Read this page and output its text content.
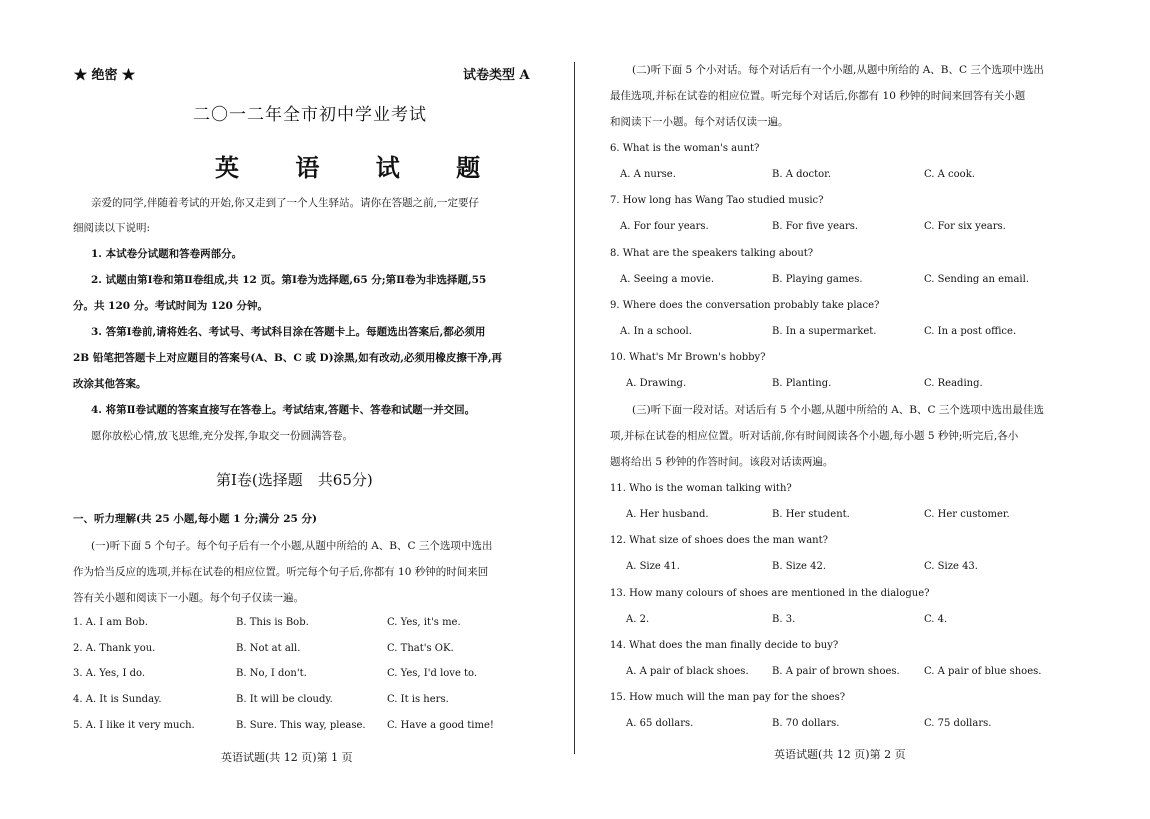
★ 绝密 ★	试卷类型 A
二〇一二年全市初中学业考试
英 语 试 题
亲爱的同学,伴随着考试的开始,你又走到了一个人生驿站。请你在答题之前,一定要仔
细阅读以下说明:
1. 本试卷分试题和答卷两部分。
2. 试题由第Ⅰ卷和第Ⅱ卷组成,共 12 页。第Ⅰ卷为选择题,65 分;第Ⅱ卷为非选择题,55
分。共 120 分。考试时间为 120 分钟。
3. 答第Ⅰ卷前,请将姓名、考试号、考试科目涂在答题卡上。每题选出答案后,都必须用
2B 铅笔把答题卡上对应题目的答案号(A、B、C 或 D)涂黑,如有改动,必须用橡皮擦干净,再
改涂其他答案。
4. 将第Ⅱ卷试题的答案直接写在答卷上。考试结束,答题卡、答卷和试题一并交回。
愿你放松心情,放飞思维,充分发挥,争取交一份圆满答卷。
第Ⅰ卷(选择题　共65分)
一、听力理解(共 25 小题,每小题 1 分;满分 25 分)
(一)听下面 5 个句子。每个句子后有一个小题,从题中所给的 A、B、C 三个选项中选出
作为恰当反应的选项,并标在试卷的相应位置。听完每个句子后,你都有 10 秒钟的时间来回
答有关小题和阅读下一小题。每个句子仅读一遍。
1. A. I am Bob.	B. This is Bob.	C. Yes, it's me.
2. A. Thank you.	B. Not at all.	C. That's OK.
3. A. Yes, I do.	B. No, I don't.	C. Yes, I'd love to.
4. A. It is Sunday.	B. It will be cloudy.	C. It is hers.
5. A. I like it very much.	B. Sure. This way, please. C. Have a good time!
英语试题(共 12 页)第 1 页
(二)听下面 5 个小对话。每个对话后有一个小题,从题中所给的 A、B、C 三个选项中选出
最佳选项,并标在试卷的相应位置。听完每个对话后,你都有 10 秒钟的时间来回答有关小题
和阅读下一小题。每个对话仅读一遍。
6. What is the woman's aunt?
A. A nurse.	B. A doctor.	C. A cook.
7. How long has Wang Tao studied music?
A. For four years.	B. For five years.	C. For six years.
8. What are the speakers talking about?
A. Seeing a movie.	B. Playing games.	C. Sending an email.
9. Where does the conversation probably take place?
A. In a school.	B. In a supermarket.	C. In a post office.
10. What's Mr Brown's hobby?
A. Drawing.	B. Planting.	C. Reading.
(三)听下面一段对话。对话后有 5 个小题,从题中所给的 A、B、C 三个选项中选出最佳选
项,并标在试卷的相应位置。听对话前,你有时间阅读各个小题,每小题 5 秒钟;听完后,各小
题将给出 5 秒钟的作答时间。该段对话读两遍。
11. Who is the woman talking with?
A. Her husband.	B. Her student.	C. Her customer.
12. What size of shoes does the man want?
A. Size 41.	B. Size 42.	C. Size 43.
13. How many colours of shoes are mentioned in the dialogue?
A. 2.	B. 3.	C. 4.
14. What does the man finally decide to buy?
A. A pair of black shoes. B. A pair of brown shoes. C. A pair of blue shoes.
15. How much will the man pay for the shoes?
A. 65 dollars.	B. 70 dollars.	C. 75 dollars.
英语试题(共 12 页)第 2 页
